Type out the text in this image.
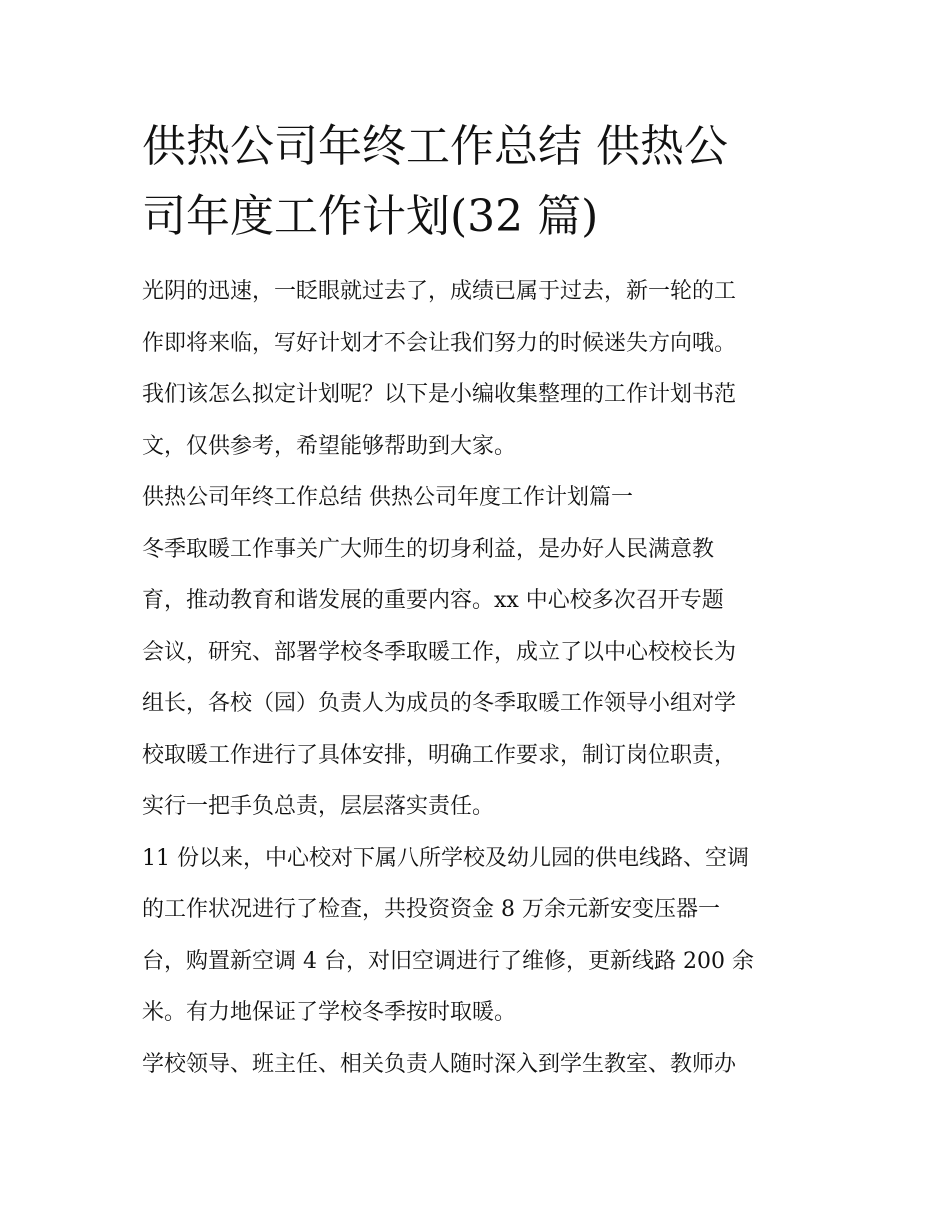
供热公司年终工作总结 供热公
司年度工作计划(32 篇)
光阴的迅速，一眨眼就过去了，成绩已属于过去，新一轮的工
作即将来临，写好计划才不会让我们努力的时候迷失方向哦。
我们该怎么拟定计划呢？以下是小编收集整理的工作计划书范
文，仅供参考，希望能够帮助到大家。
供热公司年终工作总结 供热公司年度工作计划篇一
冬季取暖工作事关广大师生的切身利益，是办好人民满意教
育，推动教育和谐发展的重要内容。xx 中心校多次召开专题
会议，研究、部署学校冬季取暖工作，成立了以中心校校长为
组长，各校（园）负责人为成员的冬季取暖工作领导小组对学
校取暖工作进行了具体安排，明确工作要求，制订岗位职责，
实行一把手负总责，层层落实责任。
11 份以来，中心校对下属八所学校及幼儿园的供电线路、空调
的工作状况进行了检查，共投资资金 8 万余元新安变压器一
台，购置新空调 4 台，对旧空调进行了维修，更新线路 200 余
米。有力地保证了学校冬季按时取暖。
学校领导、班主任、相关负责人随时深入到学生教室、教师办
